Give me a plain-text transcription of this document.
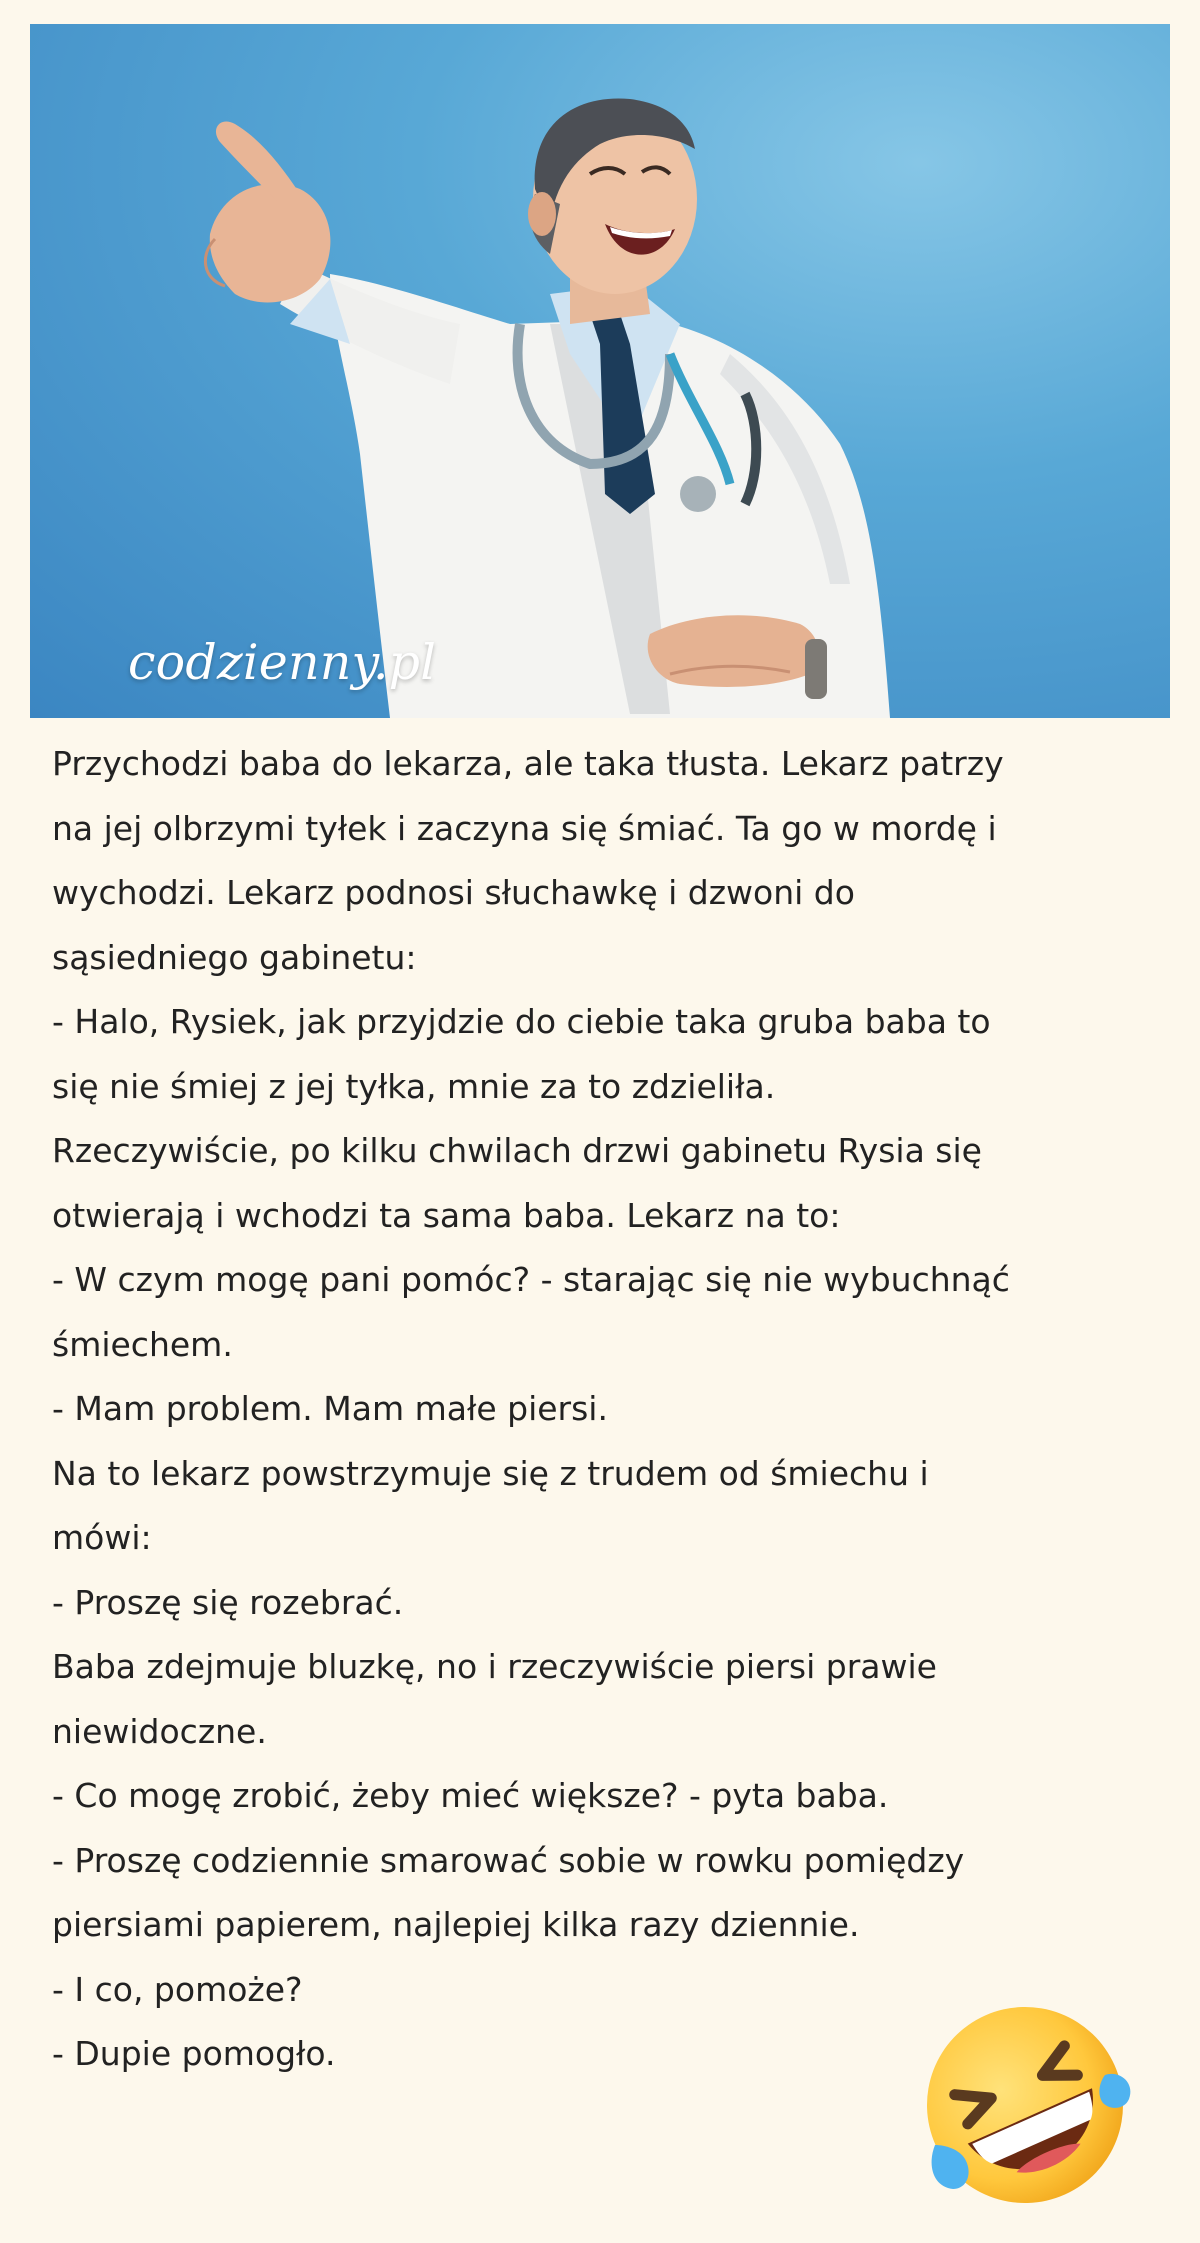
codzienny.pl
Przychodzi baba do lekarza, ale taka tłusta. Lekarz patrzy
na jej olbrzymi tyłek i zaczyna się śmiać. Ta go w mordę i
wychodzi. Lekarz podnosi słuchawkę i dzwoni do
sąsiedniego gabinetu:
- Halo, Rysiek, jak przyjdzie do ciebie taka gruba baba to
się nie śmiej z jej tyłka, mnie za to zdzieliła.
Rzeczywiście, po kilku chwilach drzwi gabinetu Rysia się
otwierają i wchodzi ta sama baba. Lekarz na to:
- W czym mogę pani pomóc? - starając się nie wybuchnąć
śmiechem.
- Mam problem. Mam małe piersi.
Na to lekarz powstrzymuje się z trudem od śmiechu i
mówi:
- Proszę się rozebrać.
Baba zdejmuje bluzkę, no i rzeczywiście piersi prawie
niewidoczne.
- Co mogę zrobić, żeby mieć większe? - pyta baba.
- Proszę codziennie smarować sobie w rowku pomiędzy
piersiami papierem, najlepiej kilka razy dziennie.
- I co, pomoże?
- Dupie pomogło.
